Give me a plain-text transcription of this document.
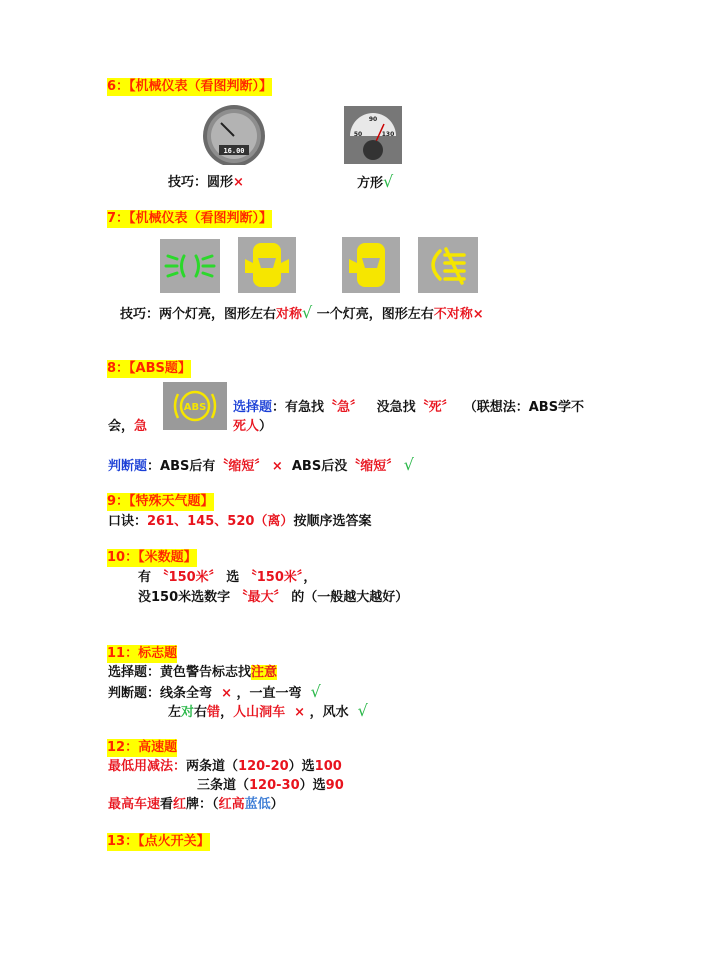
6：【机械仪表（看图判断）】
16.00
50
90
130
技巧：圆形×	方形√
7：【机械仪表（看图判断）】
技巧：两个灯亮，图形左右对称√ 一个灯亮，图形左右不对称×
8：【ABS题】
ABS 选择题：有急找〝急〞 没急找〝死〞 （联想法：ABS学不
会，急	死人）
判断题：ABS后有〝缩短〞 × ABS后没〝缩短〞 √
9：【特殊天气题】
口诀：261、145、520（离）按顺序选答案
10：【米数题】
有 〝150米〞 选 〝150米〞，
没150米选数字 〝最大〞 的（一般越大越好）
11：标志题
选择题：黄色警告标志找注意
判断题：线条全弯 × ，一直一弯 √
左对右错，人山洞车 × ，风水 √
12：高速题
最低用减法：两条道（120-20）选100
三条道（120-30）选90
最高车速看红牌：（红高蓝低）
13：【点火开关】
